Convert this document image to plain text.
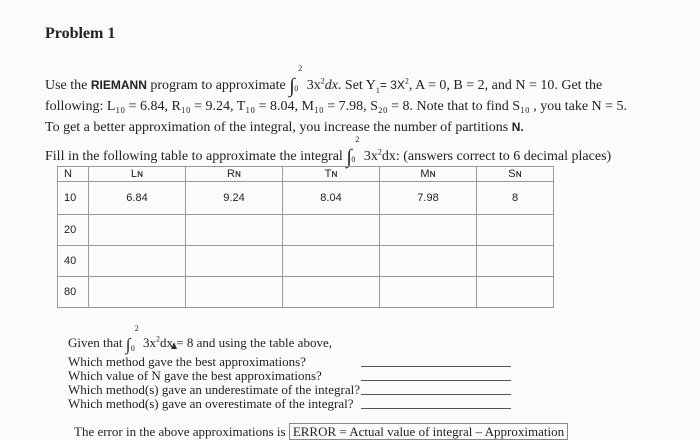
Problem 1
Use the RIEMANN program to approximate ∫
2
0 $3x^2dx$. Set $Y_1= 3X^2$, A = 0, B = 2, and N = 10. Get the
following: L₁₀ = 6.84, R₁₀ = 9.24, T₁₀ = 8.04, M₁₀ = 7.98, S₂₀ = 8. Note that to find S₁₀ , you take N = 5.
To get a better approximation of the integral, you increase the number of partitions N.
Fill in the following table to approximate the integral ∫
2
0 $3x^2dx$: (answers correct to 6 decimal places)
N	Lɴ	Rɴ	Tɴ	Mɴ	Sɴ
10	6.84	9.24	8.04	7.98	8
20					
40					
80					
Given that ∫
2
0 $3x^2dx = 8$ and using the table above,
Which method gave the best approximations?
Which value of N gave the best approximations?
Which method(s) gave an underestimate of the integral?
Which method(s) gave an overestimate of the integral?
The error in the above approximations is ERROR = Actual value of integral – Approximation
